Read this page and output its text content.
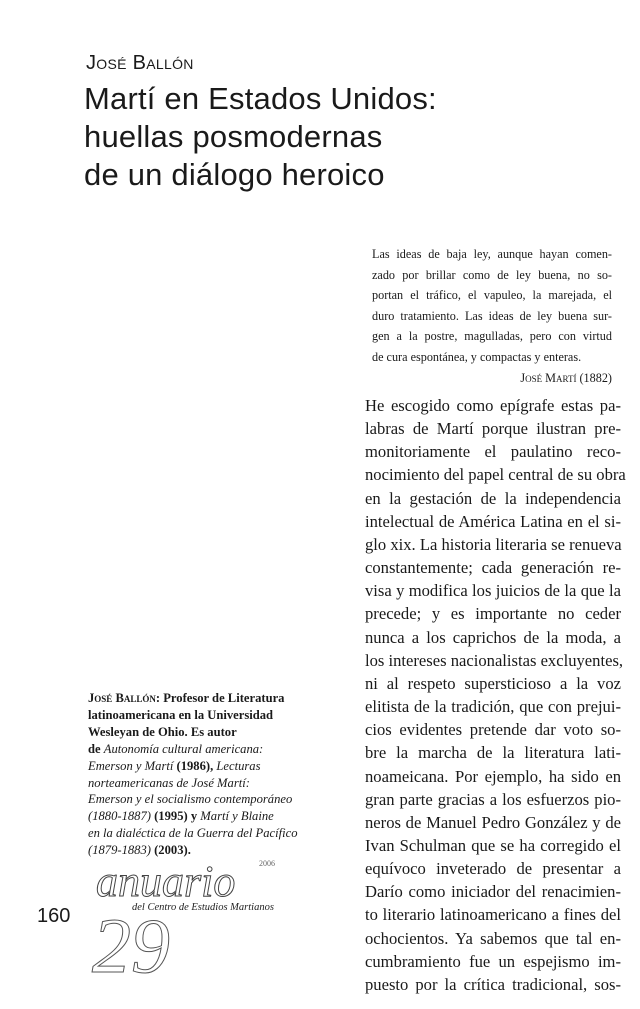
José Ballón
Martí en Estados Unidos:
huellas posmodernas
de un diálogo heroico
Las ideas de baja ley, aunque hayan comen-
zado por brillar como de ley buena, no so-
portan el tráfico, el vapuleo, la marejada, el
duro tratamiento. Las ideas de ley buena sur-
gen a la postre, magulladas, pero con virtud
de cura espontánea, y compactas y enteras.
José Martí (1882)
He escogido como epígrafe estas pa-
labras de Martí porque ilustran pre-
monitoriamente el paulatino reco-
nocimiento del papel central de su obra
en la gestación de la independencia
intelectual de América Latina en el si-
glo xix. La historia literaria se renueva
constantemente; cada generación re-
visa y modifica los juicios de la que la
precede; y es importante no ceder
nunca a los caprichos de la moda, a
los intereses nacionalistas excluyentes,
ni al respeto supersticioso a la voz
elitista de la tradición, que con prejui-
cios evidentes pretende dar voto so-
bre la marcha de la literatura lati-
noameicana. Por ejemplo, ha sido en
gran parte gracias a los esfuerzos pio-
neros de Manuel Pedro González y de
Ivan Schulman que se ha corregido el
equívoco inveterado de presentar a
Darío como iniciador del renacimien-
to literario latinoamericano a fines del
ochocientos. Ya sabemos que tal en-
cumbramiento fue un espejismo im-
puesto por la crítica tradicional, sos-
José Ballón: Profesor de Literatura
latinoamericana en la Universidad
Wesleyan de Ohio. Es autor
de Autonomía cultural americana:
Emerson y Martí (1986), Lecturas
norteamericanas de José Martí:
Emerson y el socialismo contemporáneo
(1880-1887) (1995) y Martí y Blaine
en la dialéctica de la Guerra del Pacífico
(1879-1883) (2003).
anuario
29
2006
del Centro de Estudios Martianos
160
